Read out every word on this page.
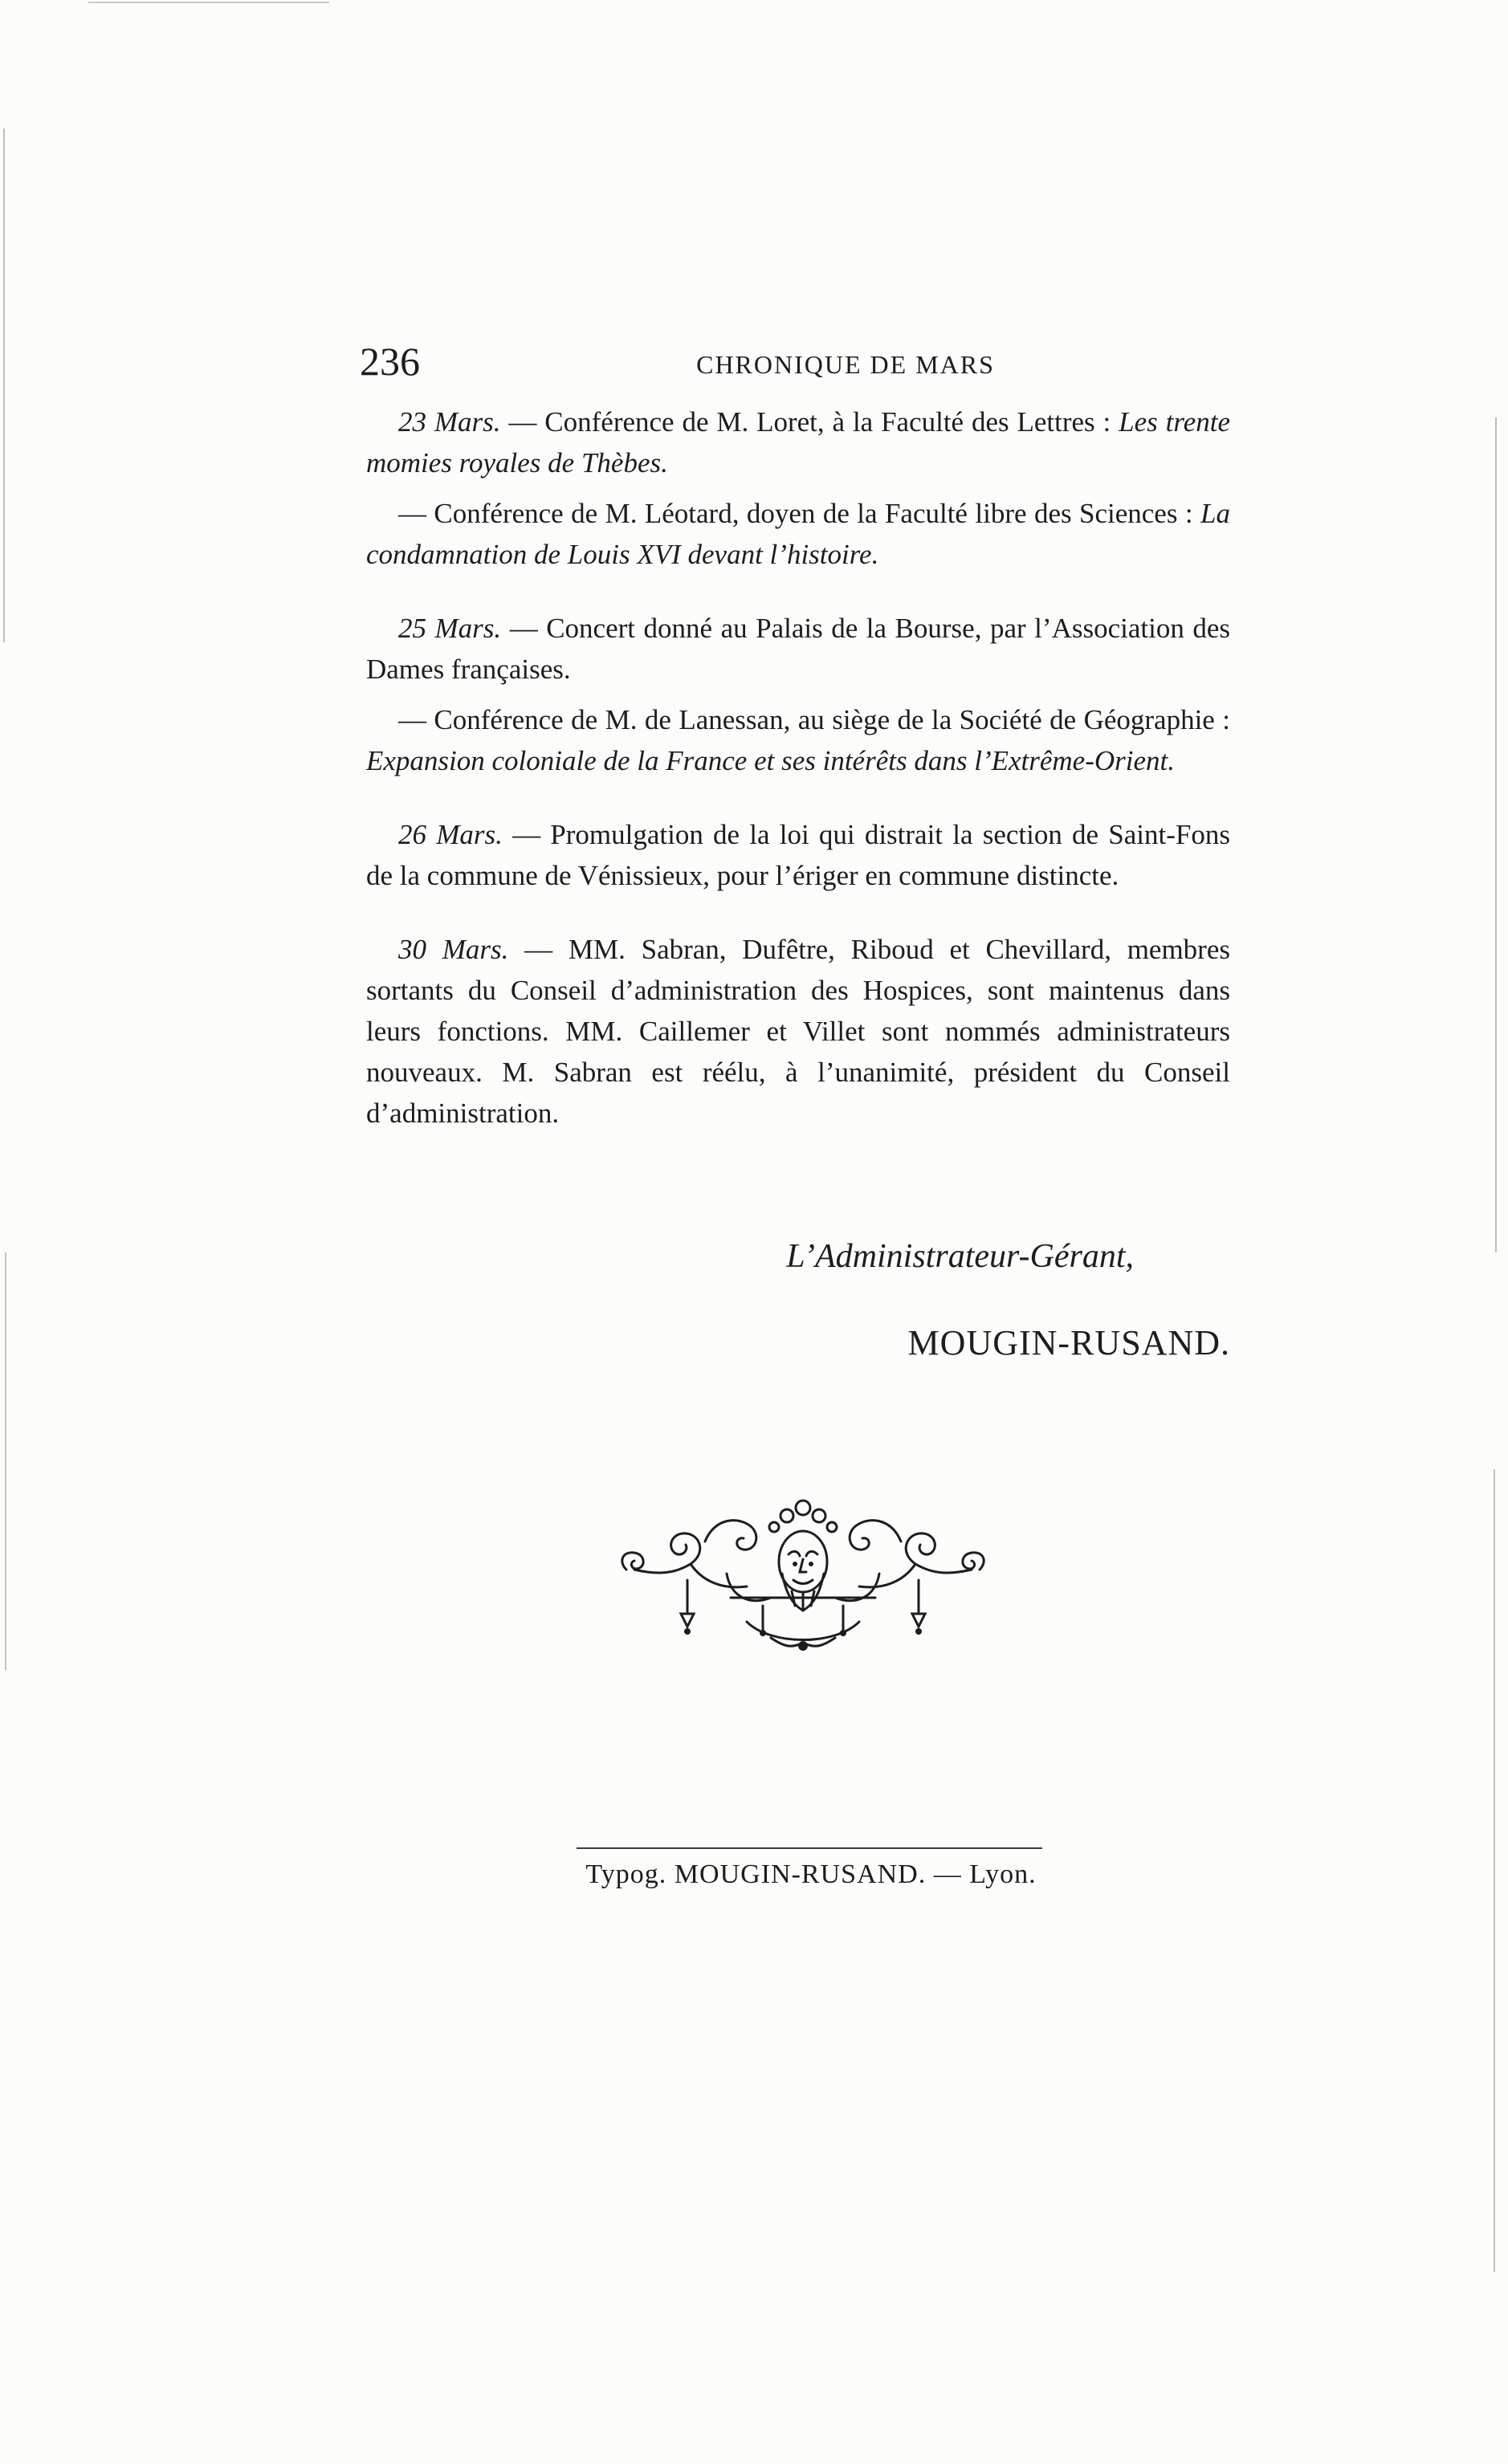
236	CHRONIQUE DE MARS

23 Mars. — Conférence de M. Loret, à la Faculté des Lettres : Les trente momies royales de Thèbes.

— Conférence de M. Léotard, doyen de la Faculté libre des Sciences : La condamnation de Louis XVI devant l’histoire.

25 Mars. — Concert donné au Palais de la Bourse, par l’Association des Dames françaises.

— Conférence de M. de Lanessan, au siège de la Société de Géographie : Expansion coloniale de la France et ses intérêts dans l’Extrême-Orient.

26 Mars. — Promulgation de la loi qui distrait la section de Saint-Fons de la commune de Vénissieux, pour l’ériger en commune distincte.

30 Mars. — MM. Sabran, Dufêtre, Riboud et Chevillard, membres sortants du Conseil d’administration des Hospices, sont maintenus dans leurs fonctions. MM. Caillemer et Villet sont nommés administrateurs nouveaux. M. Sabran est réélu, à l’unanimité, président du Conseil d’administration.

L’Administrateur-Gérant,
MOUGIN-RUSAND.
Typog. MOUGIN-RUSAND. — Lyon.
